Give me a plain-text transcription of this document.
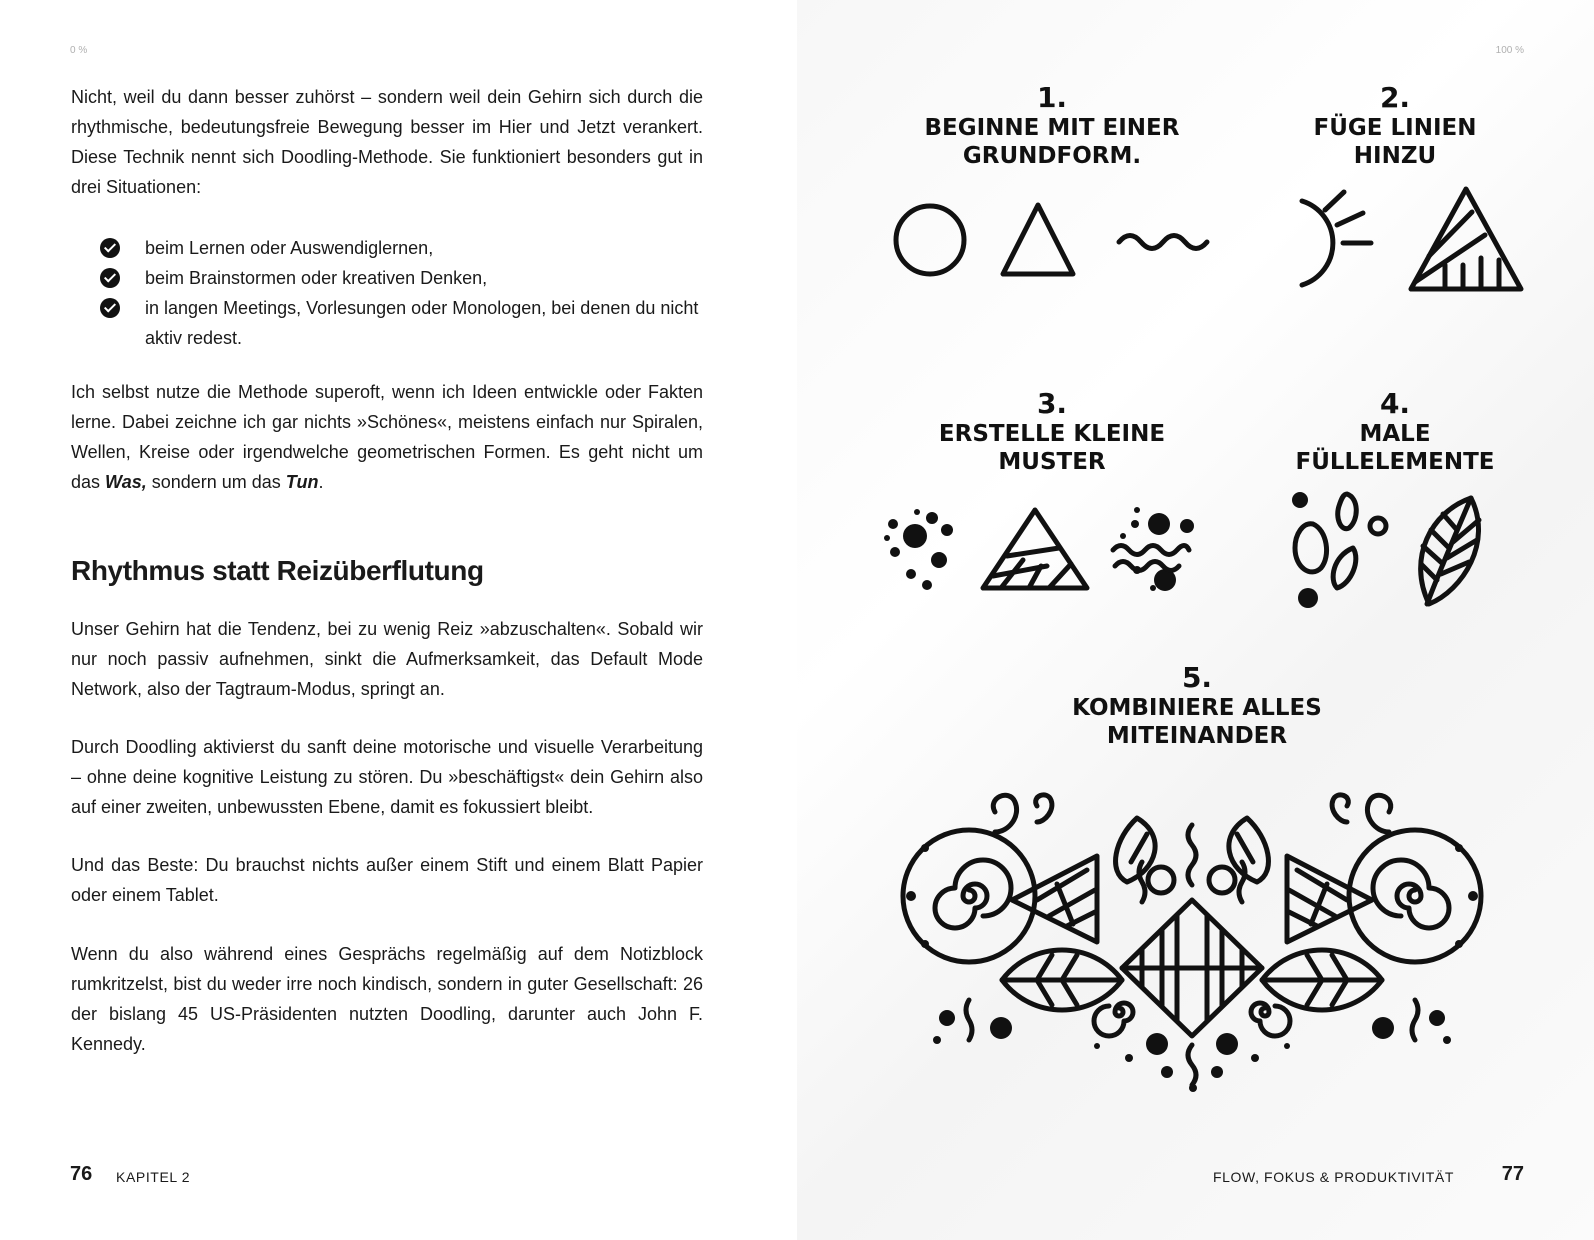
0 %

Nicht, weil du dann besser zuhörst – sondern weil dein Gehirn sich durch die rhythmische, bedeutungsfreie Bewegung besser im Hier und Jetzt verankert. Diese Technik nennt sich Doodling-Methode. Sie funktioniert besonders gut in drei Situationen:

beim Lernen oder Auswendiglernen,
beim Brainstormen oder kreativen Denken,
in langen Meetings, Vorlesungen oder Monologen, bei denen du nicht aktiv redest.

Ich selbst nutze die Methode superoft, wenn ich Ideen entwickle oder Fakten lerne. Dabei zeichne ich gar nichts »Schönes«, meistens einfach nur Spiralen, Wellen, Kreise oder irgendwelche geometrischen Formen. Es geht nicht um das Was, sondern um das Tun.

Rhythmus statt Reizüberflutung

Unser Gehirn hat die Tendenz, bei zu wenig Reiz »abzuschalten«. Sobald wir nur noch passiv aufnehmen, sinkt die Aufmerksamkeit, das Default Mode Network, also der Tagtraum-Modus, springt an.

Durch Doodling aktivierst du sanft deine motorische und visuelle Verarbeitung – ohne deine kognitive Leistung zu stören. Du »beschäftigst« dein Gehirn also auf einer zweiten, unbewussten Ebene, damit es fokussiert bleibt.

Und das Beste: Du brauchst nichts außer einem Stift und einem Blatt Papier oder einem Tablet.

Wenn du also während eines Gesprächs regelmäßig auf dem Notizblock rumkritzelst, bist du weder irre noch kindisch, sondern in guter Gesellschaft: 26 der bislang 45 US-Präsidenten nutzten Doodling, darunter auch John F. Kennedy.

76 KAPITEL 2
100 %
1.
BEGINNE MIT EINER
GRUNDFORM.
2.
FÜGE LINIEN
HINZU
3.
ERSTELLE KLEINE
MUSTER
4.
MALE
FÜLLELEMENTE
5.
KOMBINIERE ALLES
MITEINANDER
FLOW, FOKUS & PRODUKTIVITÄT 77
